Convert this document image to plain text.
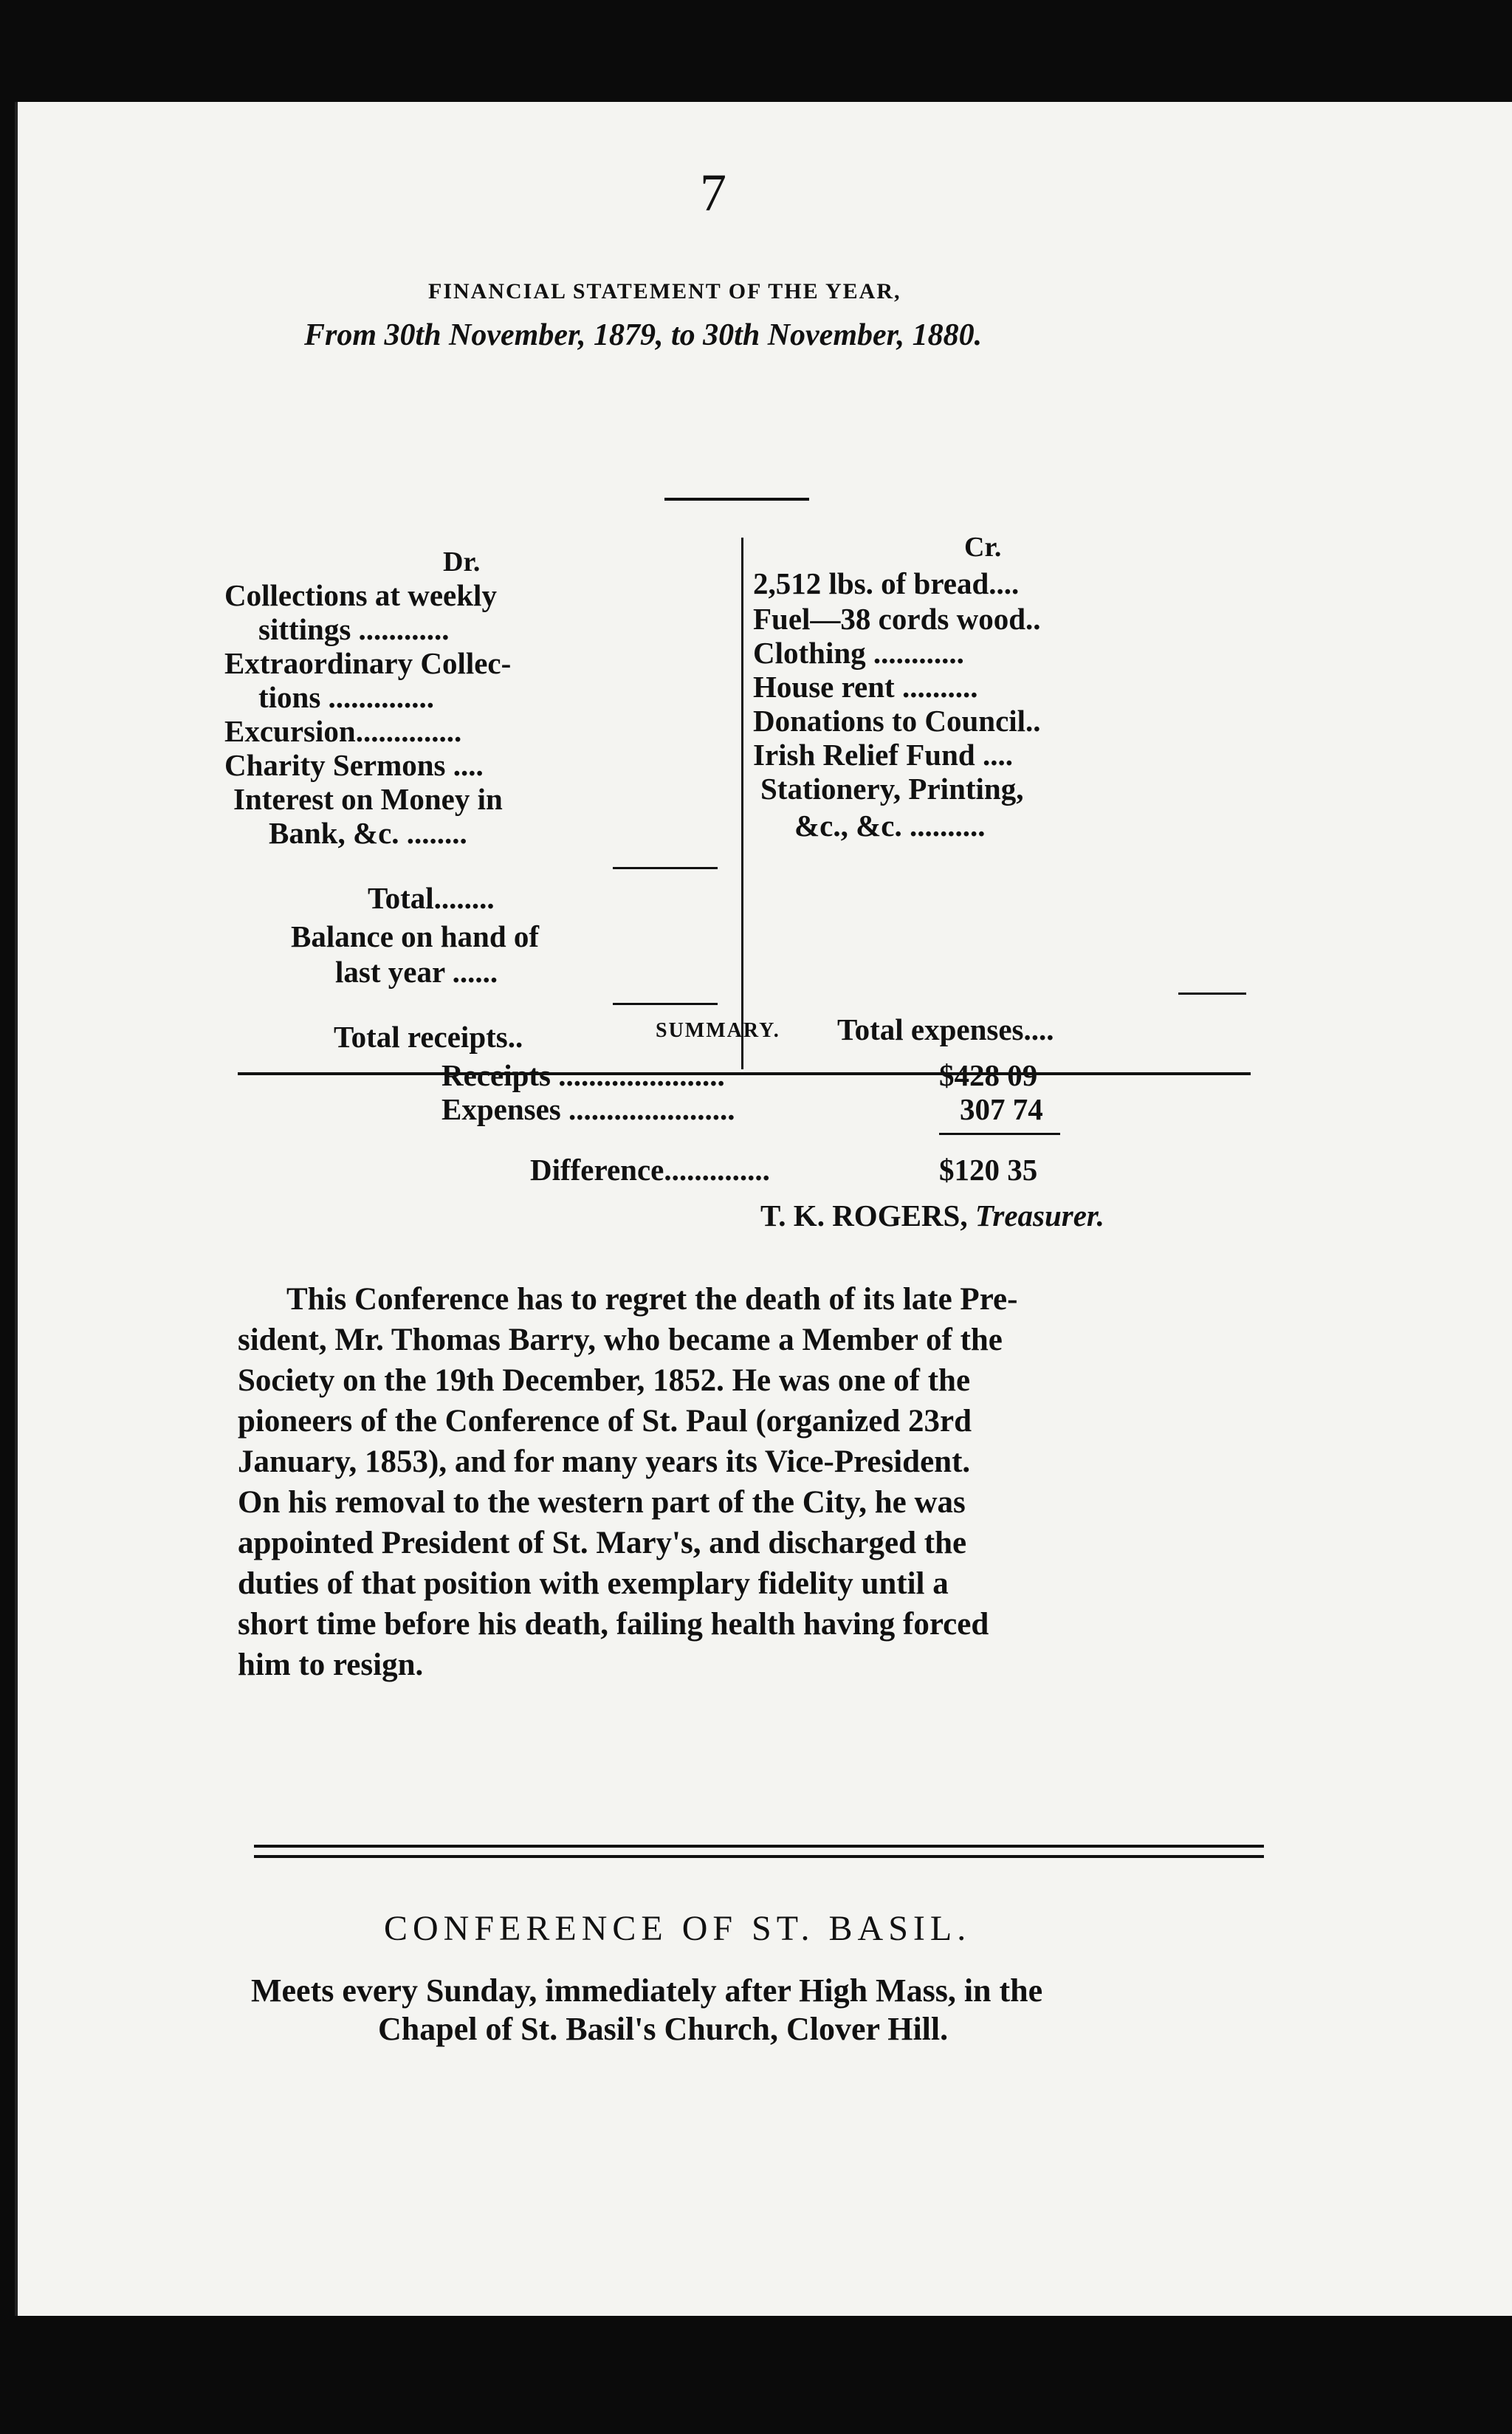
7
FINANCIAL STATEMENT OF THE YEAR,
From 30th November, 1879, to 30th November, 1880.
Dr.
Collections at weekly
sittings ............
Extraordinary Collec-
tions ..............
Excursion..............
Charity Sermons ....
Interest on Money in
Bank, &c. ........
Total........
Balance on hand of
last year ......
Total receipts..
Cr.
2,512 lbs. of bread....
Fuel—38 cords wood..
Clothing ............
House rent ..........
Donations to Council..
Irish Relief Fund ....
Stationery, Printing,
&c., &c. ..........
Total expenses....
SUMMARY.
Receipts ......................	$428 09
Expenses ......................	307 74
Difference..............	$120 35
T. K. ROGERS, Treasurer.
This Conference has to regret the death of its late Pre-
sident, Mr. Thomas Barry, who became a Member of the
Society on the 19th December, 1852. He was one of the
pioneers of the Conference of St. Paul (organized 23rd
January, 1853), and for many years its Vice-President.
On his removal to the western part of the City, he was
appointed President of St. Mary's, and discharged the
duties of that position with exemplary fidelity until a
short time before his death, failing health having forced
him to resign.
CONFERENCE OF ST. BASIL.
Meets every Sunday, immediately after High Mass, in the
Chapel of St. Basil's Church, Clover Hill.
